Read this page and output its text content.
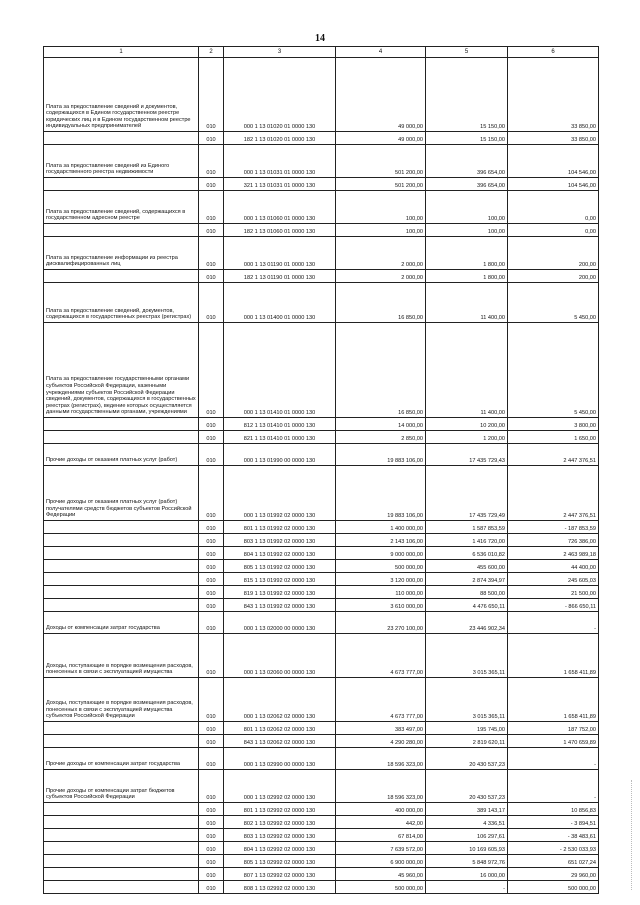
14
1	2	3	4	5	6
Плата за предоставление сведений и документов, содержащихся в Едином государственном реестре юридических лиц и в Едином государственном реестре индивидуальных предпринимателей	010	000 1 13 01020 01 0000 130	49 000,00	15 150,00	33 850,00
	010	182 1 13 01020 01 0000 130	49 000,00	15 150,00	33 850,00
Плата за предоставление сведений из Единого государственного реестра недвижимости	010	000 1 13 01031 01 0000 130	501 200,00	396 654,00	104 546,00
	010	321 1 13 01031 01 0000 130	501 200,00	396 654,00	104 546,00
Плата за предоставление сведений, содержащихся в государственном адресном реестре	010	000 1 13 01060 01 0000 130	100,00	100,00	0,00
	010	182 1 13 01060 01 0000 130	100,00	100,00	0,00
Плата за предоставление информации из реестра дисквалифицированных лиц	010	000 1 13 01190 01 0000 130	2 000,00	1 800,00	200,00
	010	182 1 13 01190 01 0000 130	2 000,00	1 800,00	200,00
Плата за предоставление сведений, документов, содержащихся в государственных реестрах (регистрах)	010	000 1 13 01400 01 0000 130	16 850,00	11 400,00	5 450,00
Плата за предоставление государственными органами субъектов Российской Федерации, казенными учреждениями субъектов Российской Федерации сведений, документов, содержащихся в государственных реестрах (регистрах), ведение которых осуществляется данными государственными органами, учреждениями	010	000 1 13 01410 01 0000 130	16 850,00	11 400,00	5 450,00
	010	812 1 13 01410 01 0000 130	14 000,00	10 200,00	3 800,00
	010	821 1 13 01410 01 0000 130	2 850,00	1 200,00	1 650,00
Прочие доходы от оказания платных услуг (работ)	010	000 1 13 01990 00 0000 130	19 883 106,00	17 435 729,43	2 447 376,51
Прочие доходы от оказания платных услуг (работ) получателями средств бюджетов субъектов Российской Федерации	010	000 1 13 01992 02 0000 130	19 883 106,00	17 435 729,49	2 447 376,51
	010	801 1 13 01992 02 0000 130	1 400 000,00	1 587 853,59	- 187 853,59
	010	803 1 13 01992 02 0000 130	2 143 106,00	1 416 720,00	726 386,00
	010	804 1 13 01992 02 0000 130	9 000 000,00	6 536 010,82	2 463 989,18
	010	805 1 13 01992 02 0000 130	500 000,00	455 600,00	44 400,00
	010	815 1 13 01992 02 0000 130	3 120 000,00	2 874 394,97	245 605,03
	010	819 1 13 01992 02 0000 130	110 000,00	88 500,00	21 500,00
	010	843 1 13 01992 02 0000 130	3 610 000,00	4 476 650,11	- 866 650,11
Доходы от компенсации затрат государства	010	000 1 13 02000 00 0000 130	23 270 100,00	23 446 902,34	-
Доходы, поступающие в порядке возмещения расходов, понесенных в связи с эксплуатацией имущества	010	000 1 13 02060 00 0000 130	4 673 777,00	3 015 365,11	1 658 411,89
Доходы, поступающие в порядке возмещения расходов, понесенных в связи с эксплуатацией имущества субъектов Российской Федерации	010	000 1 13 02062 02 0000 130	4 673 777,00	3 015 365,11	1 658 411,89
	010	801 1 13 02062 02 0000 130	383 497,00	195 745,00	187 752,00
	010	843 1 13 02062 02 0000 130	4 290 280,00	2 819 620,11	1 470 659,89
Прочие доходы от компенсации затрат государства	010	000 1 13 02990 00 0000 130	18 596 323,00	20 430 537,23	-
Прочие доходы от компенсации затрат бюджетов субъектов Российской Федерации	010	000 1 13 02992 02 0000 130	18 596 323,00	20 430 537,23	-
	010	801 1 13 02992 02 0000 130	400 000,00	389 143,17	10 856,83
	010	802 1 13 02992 02 0000 130	442,00	4 336,51	- 3 894,51
	010	803 1 13 02992 02 0000 130	67 814,00	106 297,61	- 38 483,61
	010	804 1 13 02992 02 0000 130	7 639 572,00	10 169 605,93	- 2 530 033,93
	010	805 1 13 02992 02 0000 130	6 900 000,00	5 848 972,76	651 027,24
	010	807 1 13 02992 02 0000 130	45 960,00	16 000,00	29 960,00
	010	808 1 13 02992 02 0000 130	500 000,00	-	500 000,00
